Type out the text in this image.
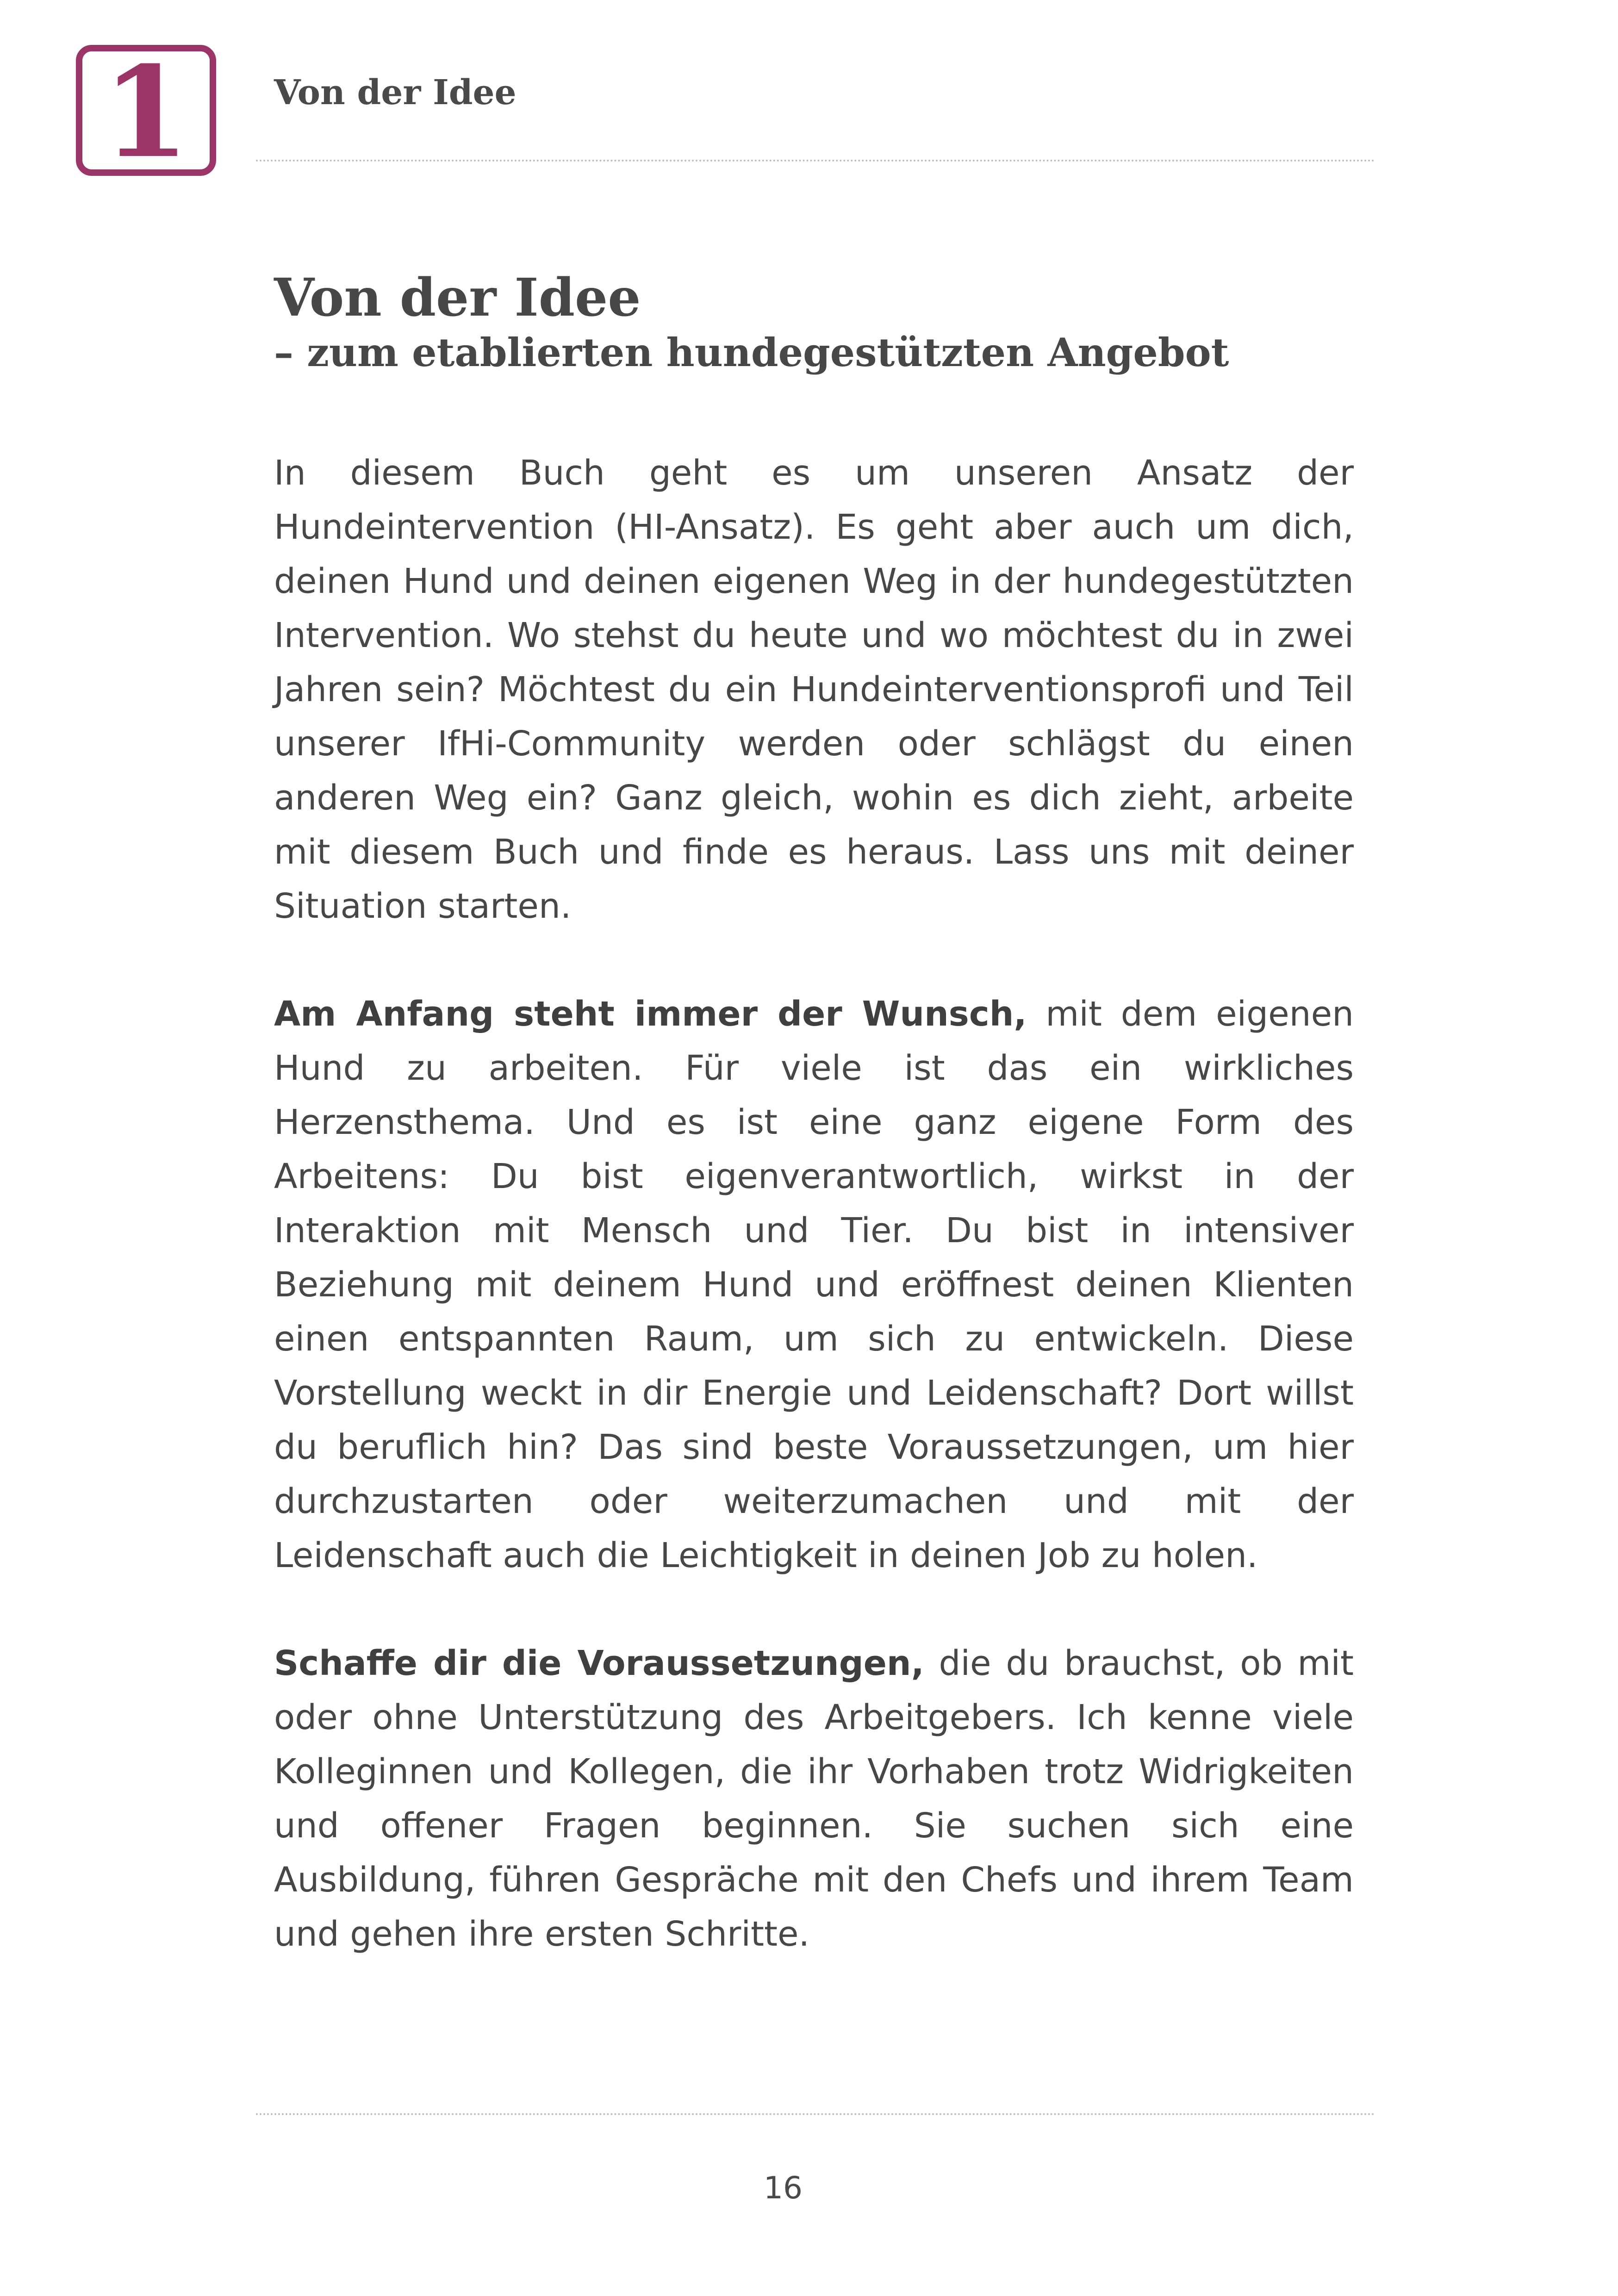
1 Von der Idee
Von der Idee
– zum etablierten hundegestützten Angebot

In diesem Buch geht es um unseren Ansatz der Hundeintervention (HI-Ansatz). Es geht aber auch um dich, deinen Hund und deinen eigenen Weg in der hundegestützten Intervention. Wo stehst du heute und wo möchtest du in zwei Jahren sein? Möchtest du ein Hundeinterventionsprofi und Teil unserer IfHi-Community werden oder schlägst du einen anderen Weg ein? Ganz gleich, wohin es dich zieht, arbeite mit diesem Buch und finde es heraus. Lass uns mit deiner Situation starten.

Am Anfang steht immer der Wunsch, mit dem eigenen Hund zu arbeiten. Für viele ist das ein wirkliches Herzensthema. Und es ist eine ganz eigene Form des Arbeitens: Du bist eigenverantwortlich, wirkst in der Interaktion mit Mensch und Tier. Du bist in intensiver Beziehung mit deinem Hund und eröffnest deinen Klienten einen entspannten Raum, um sich zu entwickeln. Diese Vorstellung weckt in dir Energie und Leidenschaft? Dort willst du beruflich hin? Das sind beste Voraussetzungen, um hier durchzustarten oder weiterzumachen und mit der Leidenschaft auch die Leichtigkeit in deinen Job zu holen.

Schaffe dir die Voraussetzungen, die du brauchst, ob mit oder ohne Unterstützung des Arbeitgebers. Ich kenne viele Kolleginnen und Kollegen, die ihr Vorhaben trotz Widrigkeiten und offener Fragen beginnen. Sie suchen sich eine Ausbildung, führen Gespräche mit den Chefs und ihrem Team und gehen ihre ersten Schritte.

16
